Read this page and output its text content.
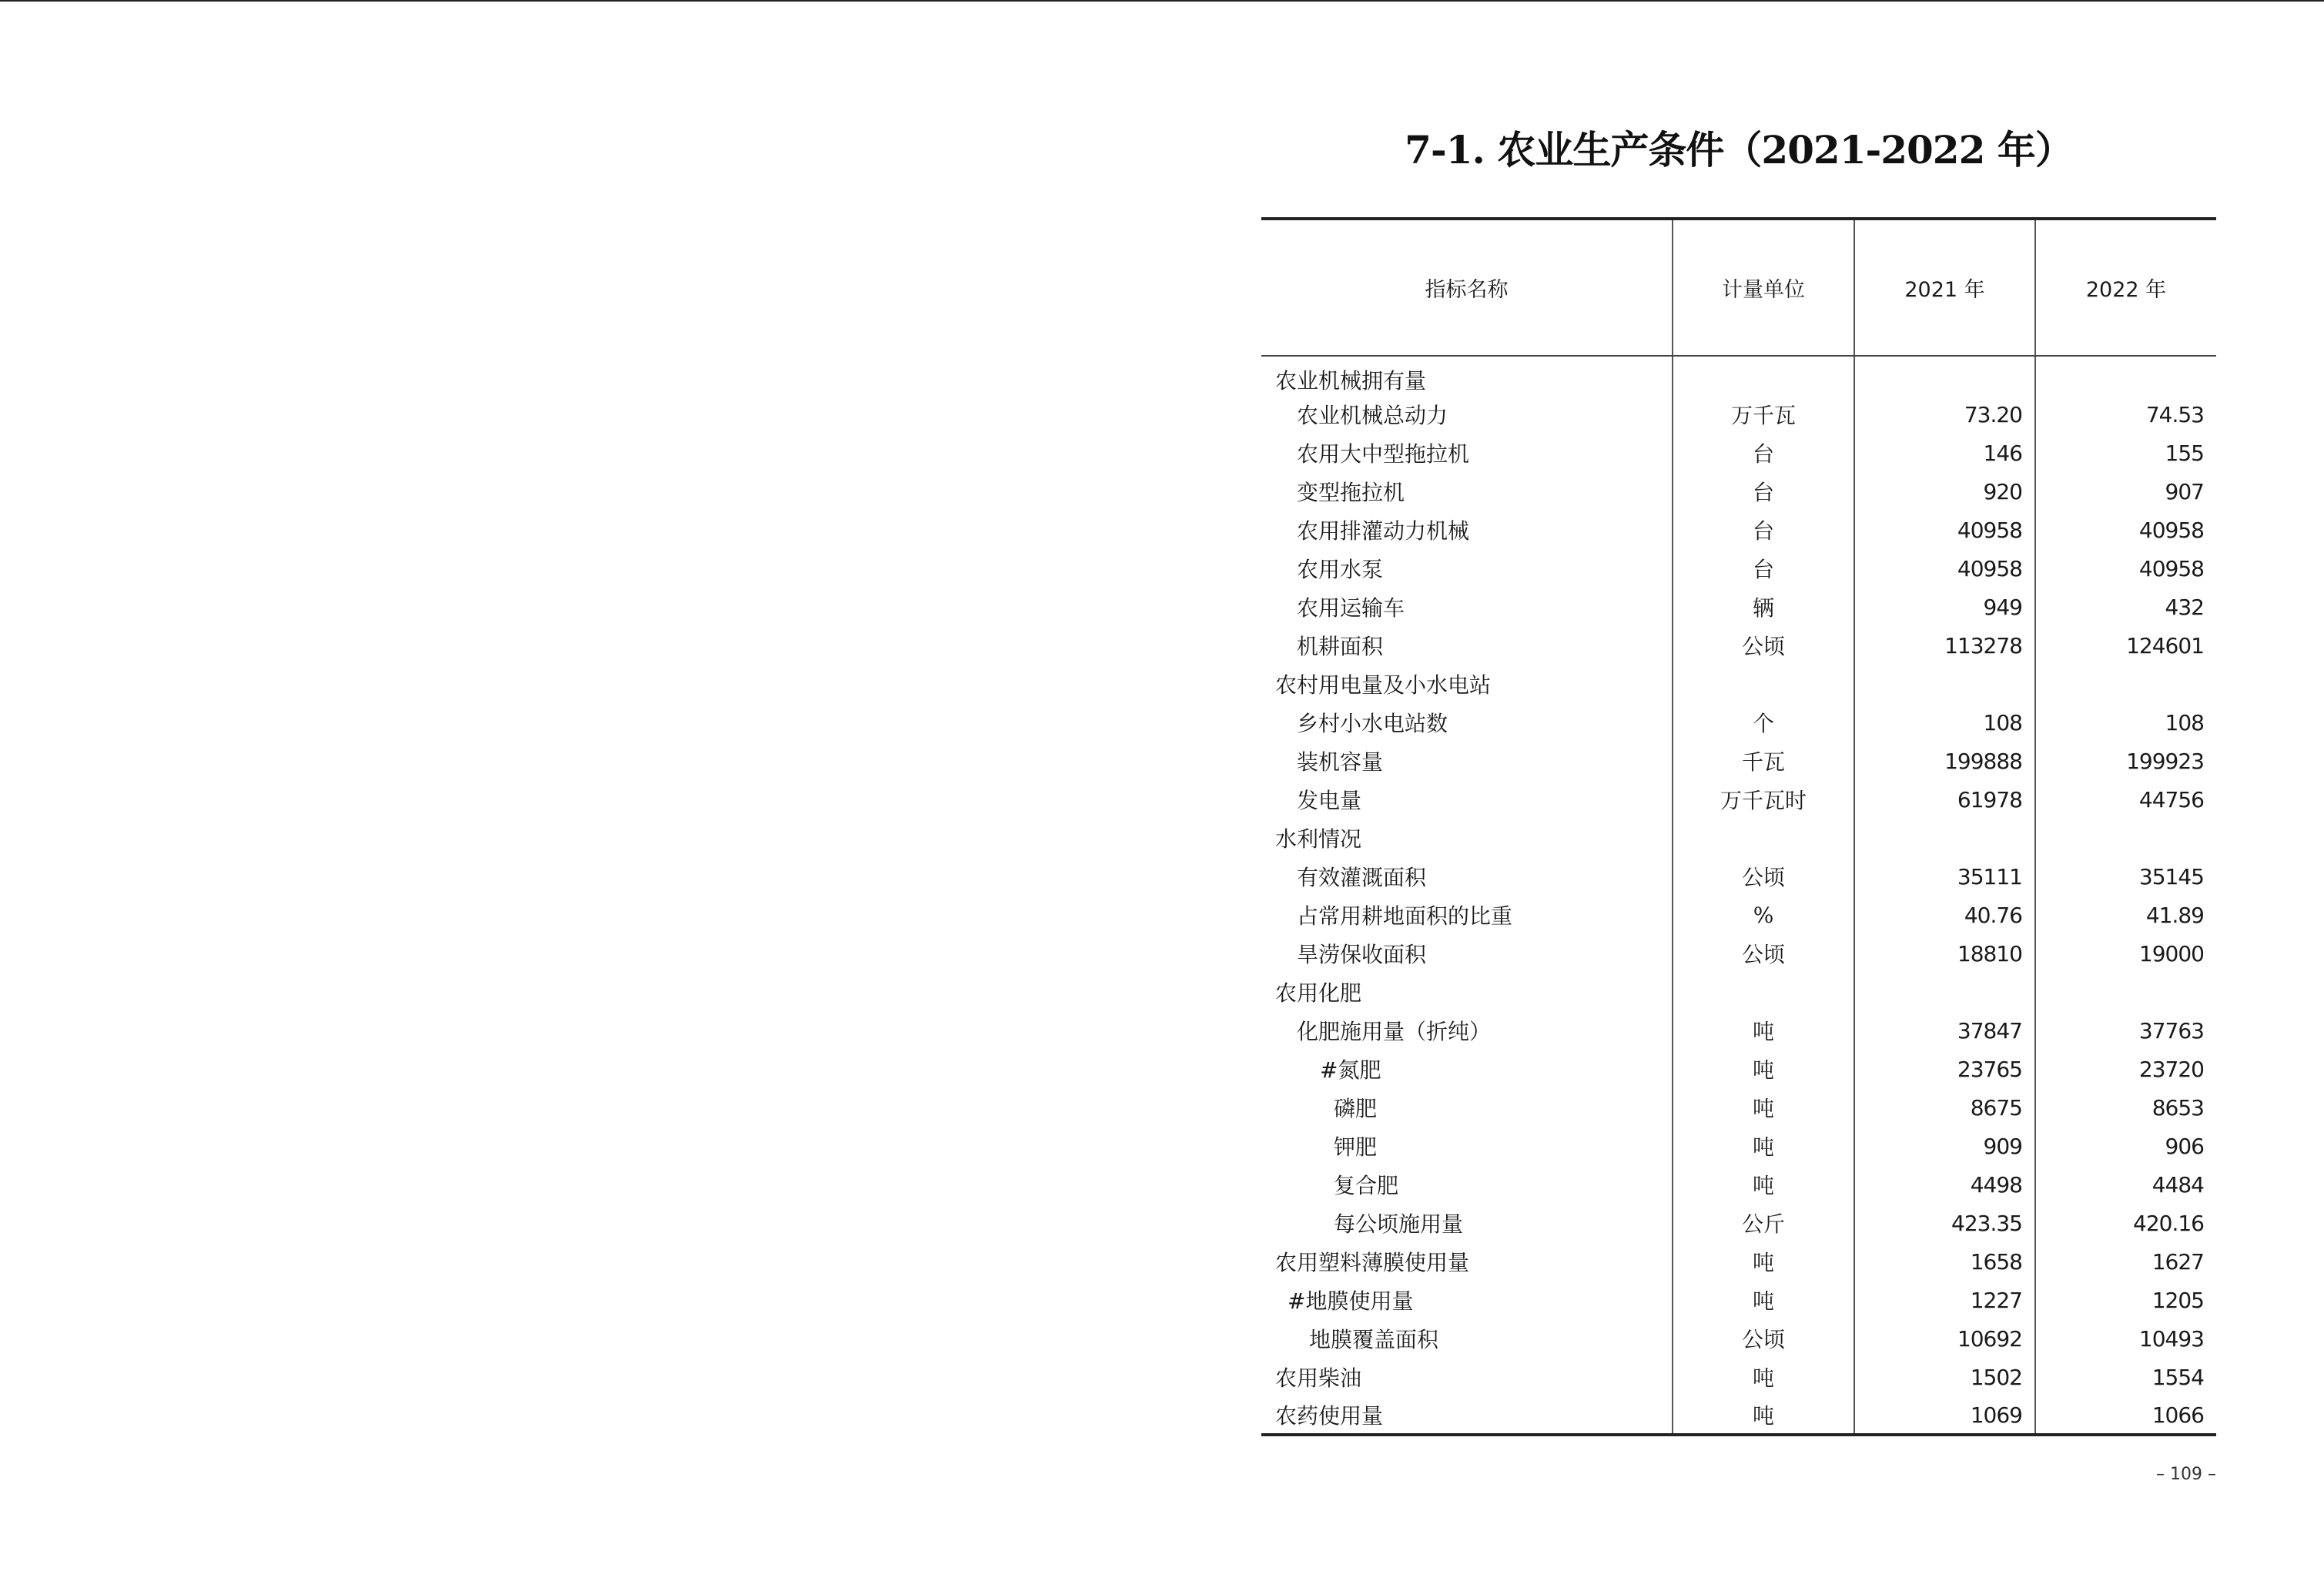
7-1. 农业生产条件（2021-2022 年）
指标名称	计量单位	2021 年	2022 年
农业机械拥有量			
农业机械总动力	万千瓦	73.20	74.53
农用大中型拖拉机	台	146	155
变型拖拉机	台	920	907
农用排灌动力机械	台	40958	40958
农用水泵	台	40958	40958
农用运输车	辆	949	432
机耕面积	公顷	113278	124601
农村用电量及小水电站			
乡村小水电站数	个	108	108
装机容量	千瓦	199888	199923
发电量	万千瓦时	61978	44756
水利情况			
有效灌溉面积	公顷	35111	35145
占常用耕地面积的比重	%	40.76	41.89
旱涝保收面积	公顷	18810	19000
农用化肥			
化肥施用量（折纯）	吨	37847	37763
#氮肥	吨	23765	23720
磷肥	吨	8675	8653
钾肥	吨	909	906
复合肥	吨	4498	4484
每公顷施用量	公斤	423.35	420.16
农用塑料薄膜使用量	吨	1658	1627
#地膜使用量	吨	1227	1205
地膜覆盖面积	公顷	10692	10493
农用柴油	吨	1502	1554
农药使用量	吨	1069	1066
– 109 –
